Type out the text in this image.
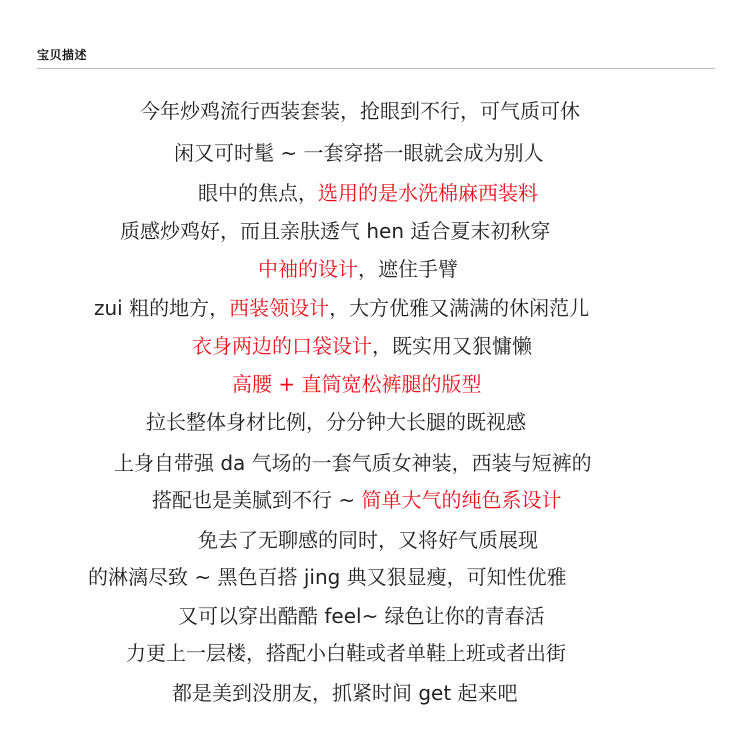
宝贝描述
今年炒鸡流行西装套装，抢眼到不行，可气质可休
闲又可时髦 ~ 一套穿搭一眼就会成为别人
眼中的焦点，选用的是水洗棉麻西装料
质感炒鸡好，而且亲肤透气 hen 适合夏末初秋穿
中袖的设计，遮住手臂
zui 粗的地方，西装领设计，大方优雅又满满的休闲范儿
衣身两边的口袋设计，既实用又狠慵懒
高腰 + 直筒宽松裤腿的版型
拉长整体身材比例，分分钟大长腿的既视感
上身自带强 da 气场的一套气质女神装，西装与短裤的
搭配也是美腻到不行 ~ 简单大气的纯色系设计
免去了无聊感的同时，又将好气质展现
的淋漓尽致 ~ 黑色百搭 jing 典又狠显瘦，可知性优雅
又可以穿出酷酷 feel~ 绿色让你的青春活
力更上一层楼，搭配小白鞋或者单鞋上班或者出街
都是美到没朋友，抓紧时间 get 起来吧
